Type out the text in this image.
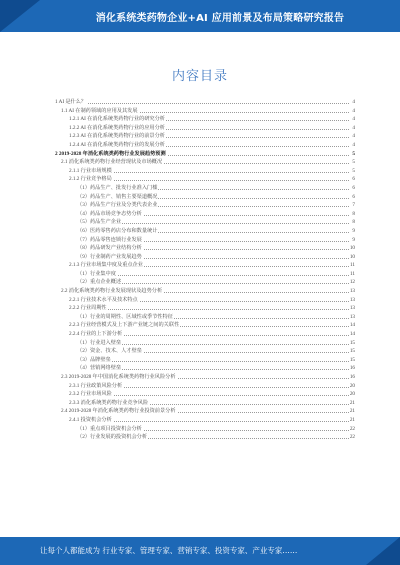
消化系统类药物企业+AI 应用前景及布局策略研究报告
内容目录
1 AI 是什么？	4
1.1 AI 在制药领域的应用及其发展	4
1.2.1 AI 在消化系统类药物行业的研究分析	4
1.2.2 AI 在消化系统类药物行业的应用分析	4
1.2.3 AI 在消化系统类药物行业的前景分析	4
1.2.4 AI 在消化系统类药物行业的发展分析	4
2 2019-2028 年消化系统类药物行业发展趋势预测	5
2.1 消化系统类药物行业经营现状及市场概况	5
2.1.1 行业市场规模	5
2.1.2 行业竞争格局	6
（1）药品生产、批发行业准入门槛	6
（2）药品生产、销售主要渠道概况	6
（3）药品生产行业及分类代表企业	7
（4）药品市场竞争态势分析	8
（5）药品生产企业	8
（6）医药零售药店分布和数量统计	9
（7）药品零售连锁行业发展	9
（8）药品研发产业结构分析	10
（9）行业制药产业发展趋势	10
2.1.3 行业市场集中度及重点企业	11
（1）行业集中度	11
（2）重点企业概述	12
2.2 消化系统类药物行业发展现状及趋势分析	13
2.2.1 行业技术水平及技术特点	13
2.2.2 行业周期性	13
（1）行业的周期性、区域性或季节性特征	13
2.2.3 行业经营模式及上下游产业链之间的关联性	14
2.2.4 行业的上下游分析	14
（1）行业进入壁垒	15
（2）资金、技术、人才壁垒	15
（3）品牌壁垒	15
（4）营销网络壁垒	16
2.3 2019-2028 年中国消化系统类药物行业风险分析	16
2.3.1 行业政策风险分析	20
2.3.2 行业市场风险	20
2.3.3 消化系统类药物行业竞争风险	21
2.4 2019-2028 年消化系统类药物行业投资前景分析	21
2.4.1 投资机会分析	21
（1）重点项目投资机会分析	22
（2）行业发展的投资机会分析	22
让每个人都能成为 行业专家、管理专家、营销专家、投资专家、产业专家……
